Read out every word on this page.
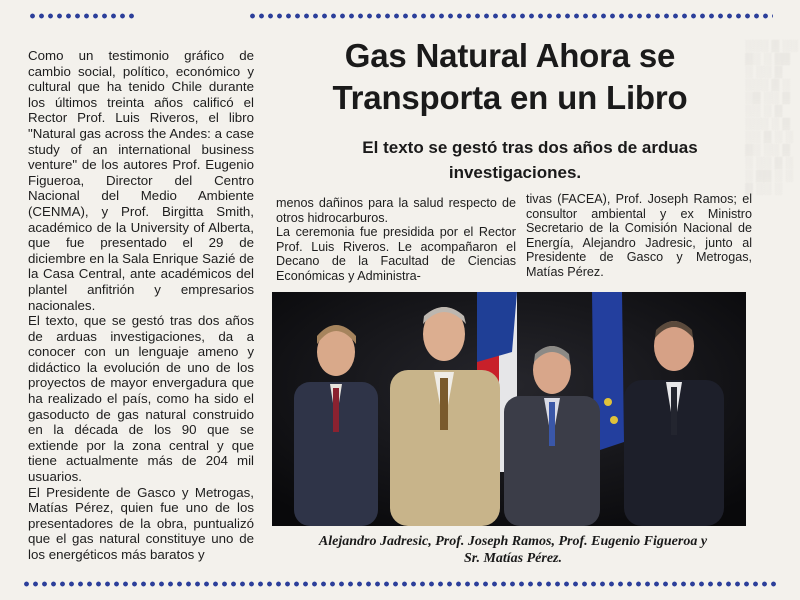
░░░ ▒ ░░ ▒░ ░ ▒▒ ░ ░░ ▒ ░░░ ▒ ░ ░▒ ░░ ▒ ░░ ░ ▒ ░░░ ░ ▒ ░░ ▒ ░ ░ ▒░ ░░ ▒ ░ ░░ ▒ ░ ░ ▒▒ ░ ░ ▒ ░░ ░
Gas Natural Ahora se
Transporta en un Libro
El texto se gestó tras dos años de arduas
investigaciones.

Como un testimonio gráfico de cambio social, político, económico y cultural que ha tenido Chile durante los últimos treinta años calificó el Rector Prof. Luis Riveros, el libro "Natural gas across the Andes: a case study of an international business venture" de los autores Prof. Eugenio Figueroa, Director del Centro Nacional del Medio Ambiente (CENMA), y Prof. Birgitta Smith, académico de la University of Alberta, que fue presentado el 29 de diciembre en la Sala Enrique Sazié de la Casa Central, ante académicos del plantel anfitrión y empresarios nacionales.

El texto, que se gestó tras dos años de arduas investigaciones, da a conocer con un lenguaje ameno y didáctico la evolución de uno de los proyectos de mayor envergadura que ha realizado el país, como ha sido el gasoducto de gas natural construido en la década de los 90 que se extiende por la zona central y que tiene actualmente más de 204 mil usuarios.

El Presidente de Gasco y Metrogas, Matías Pérez, quien fue uno de los presentadores de la obra, puntualizó que el gas natural constituye uno de los energéticos más baratos y

menos dañinos para la salud respecto de otros hidrocarburos.

La ceremonia fue presidida por el Rector Prof. Luis Riveros. Le acompañaron el Decano de la Facultad de Ciencias Económicas y Administra-

tivas (FACEA), Prof. Joseph Ramos; el consultor ambiental y ex Ministro Secretario de la Comisión Nacional de Energía, Alejandro Jadresic, junto al Presidente de Gasco y Metrogas, Matías Pérez.

Alejandro Jadresic, Prof. Joseph Ramos, Prof. Eugenio Figueroa y
Sr. Matías Pérez.
